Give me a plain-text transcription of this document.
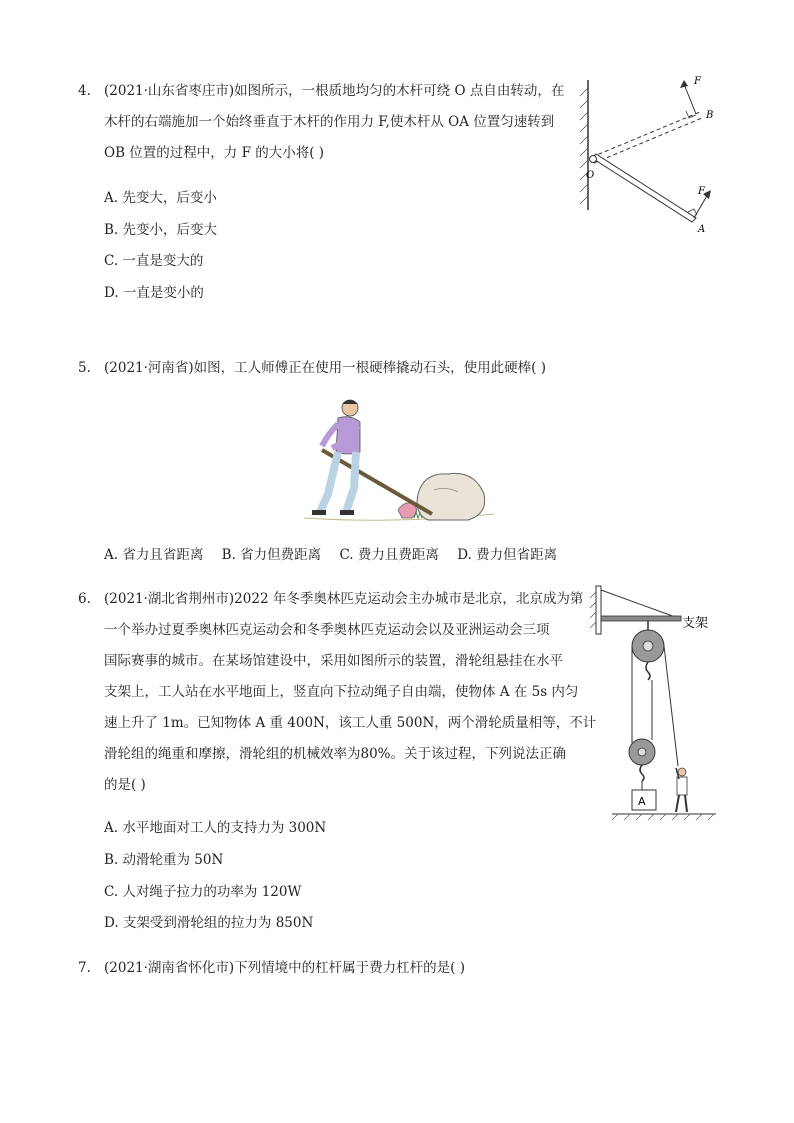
4. (2021·山东省枣庄市)如图所示，一根质地均匀的木杆可绕 O 点自由转动，在
木杆的右端施加一个始终垂直于木杆的作用力 F,使木杆从 OA 位置匀速转到
OB 位置的过程中，力 F 的大小将( )
A. 先变大，后变小
B. 先变小，后变大
C. 一直是变大的
D. 一直是变小的
F
B
O
F
A
5. (2021·河南省)如图，工人师傅正在使用一根硬棒撬动石头，使用此硬棒( )
A. 省力且省距离 B. 省力但费距离 C. 费力且费距离 D. 费力但省距离
6. (2021·湖北省荆州市)2022 年冬季奥林匹克运动会主办城市是北京，北京成为第
一个举办过夏季奥林匹克运动会和冬季奥林匹克运动会以及亚洲运动会三项
国际赛事的城市。在某场馆建设中，采用如图所示的装置，滑轮组悬挂在水平
支架上，工人站在水平地面上，竖直向下拉动绳子自由端，使物体 A 在 5s 内匀
速上升了 1m。已知物体 A 重 400N，该工人重 500N，两个滑轮质量相等，不计
滑轮组的绳重和摩擦，滑轮组的机械效率为80%。关于该过程，下列说法正确
的是( )
A. 水平地面对工人的支持力为 300N
B. 动滑轮重为 50N
C. 人对绳子拉力的功率为 120W
D. 支架受到滑轮组的拉力为 850N
支架
A
7. (2021·湖南省怀化市)下列情境中的杠杆属于费力杠杆的是( )
